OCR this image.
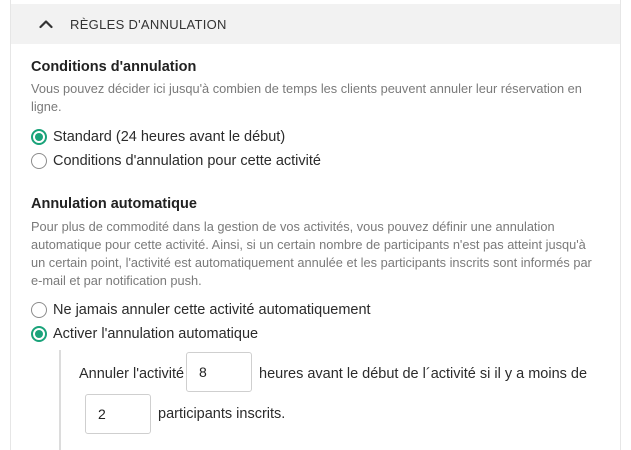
RÈGLES D'ANNULATION
Conditions d'annulation
Vous pouvez décider ici jusqu'à combien de temps les clients peuvent annuler leur réservation en ligne.
Standard (24 heures avant le début)
Conditions d'annulation pour cette activité
Annulation automatique
Pour plus de commodité dans la gestion de vos activités, vous pouvez définir une annulation automatique pour cette activité. Ainsi, si un certain nombre de participants n'est pas atteint jusqu'à un certain point, l'activité est automatiquement annulée et les participants inscrits sont informés par e-mail et par notification push.
Ne jamais annuler cette activité automatiquement
Activer l'annulation automatique
Annuler l'activité	8	heures avant le début de l´activité si il y a moins de
2	participants inscrits.
